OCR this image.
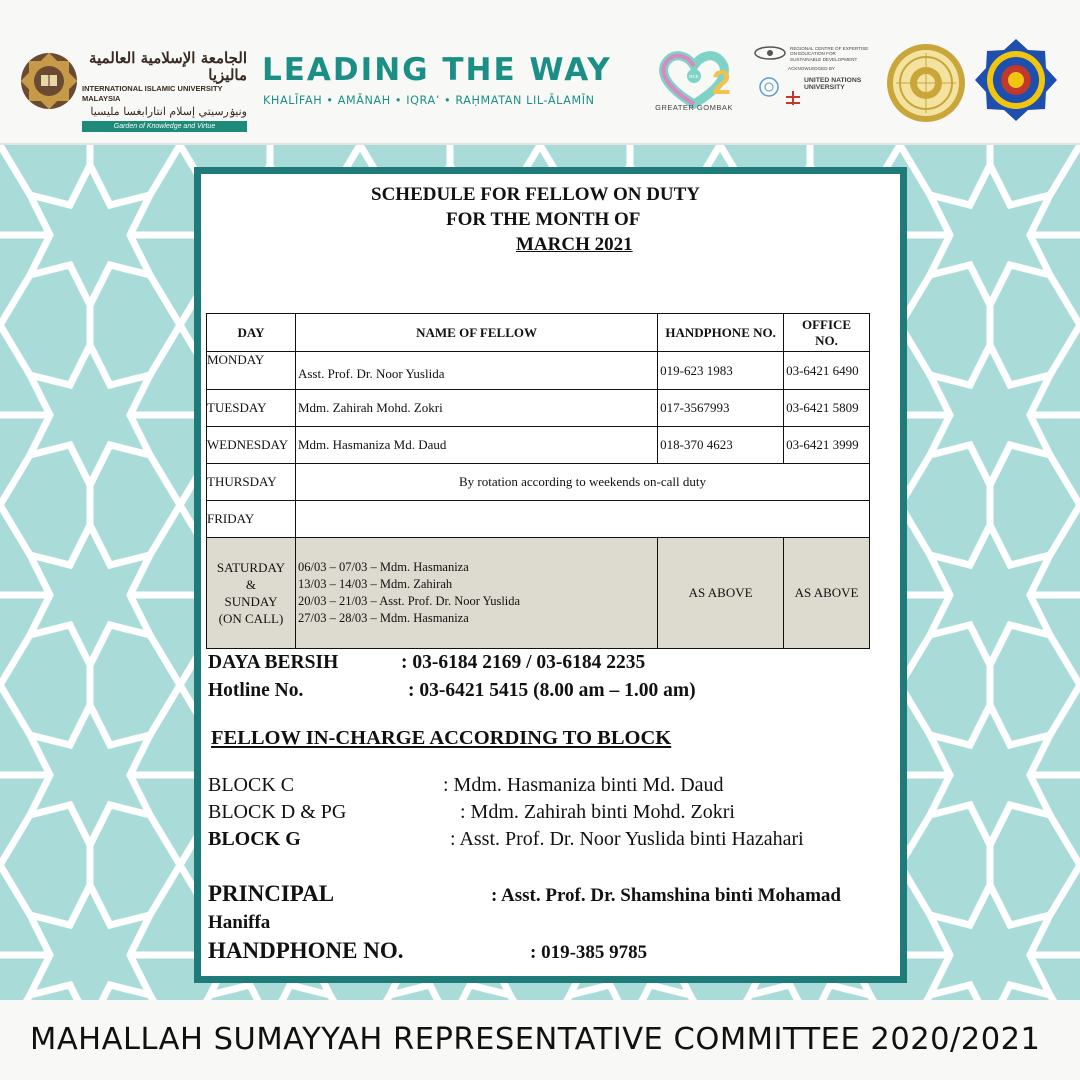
الجامعة الإسلامية العالمية ماليزيا
INTERNATIONAL ISLAMIC UNIVERSITY MALAYSIA
ونيۏرسيتي إسلام انتارابغسا مليسيا
Garden of Knowledge and Virtue
LEADING THE WAY
KHALĪFAH • AMĀNAH • IQRA’ • RAḤMATAN LIL-ĀLAMĪN
RCE 2
GREATER GOMBAK
REGIONAL CENTRE OF EXPERTISE
ON EDUCATION FOR
SUSTAINABLE DEVELOPMENT
ACKNOWLEDGED BY
UNITED NATIONS UNIVERSITY
SCHEDULE FOR FELLOW ON DUTY
FOR THE MONTH OF
MARCH 2021
DAY	NAME OF FELLOW	HANDPHONE NO.	OFFICE
NO.
MONDAY	Asst. Prof. Dr. Noor Yuslida	019-623 1983	03-6421 6490
TUESDAY	Mdm. Zahirah Mohd. Zokri	017-3567993	03-6421 5809
WEDNESDAY	Mdm. Hasmaniza Md. Daud	018-370 4623	03-6421 3999
THURSDAY	By rotation according to weekends on-call duty		
FRIDAY			
SATURDAY
&
SUNDAY
(ON CALL)	06/03 – 07/03 – Mdm. Hasmaniza
13/03 – 14/03 – Mdm. Zahirah
20/03 – 21/03 – Asst. Prof. Dr. Noor Yuslida
27/03 – 28/03 – Mdm. Hasmaniza	AS ABOVE	AS ABOVE
DAYA BERSIH	: 03-6184 2169 / 03-6184 2235
Hotline No.	: 03-6421 5415 (8.00 am – 1.00 am)
FELLOW IN-CHARGE ACCORDING TO BLOCK
BLOCK C	: Mdm. Hasmaniza binti Md. Daud
BLOCK D & PG	: Mdm. Zahirah binti Mohd. Zokri
BLOCK G	: Asst. Prof. Dr. Noor Yuslida binti Hazahari
PRINCIPAL	: Asst. Prof. Dr. Shamshina binti Mohamad
Haniffa
HANDPHONE NO.	: 019-385 9785
MAHALLAH SUMAYYAH REPRESENTATIVE COMMITTEE 2020/2021
